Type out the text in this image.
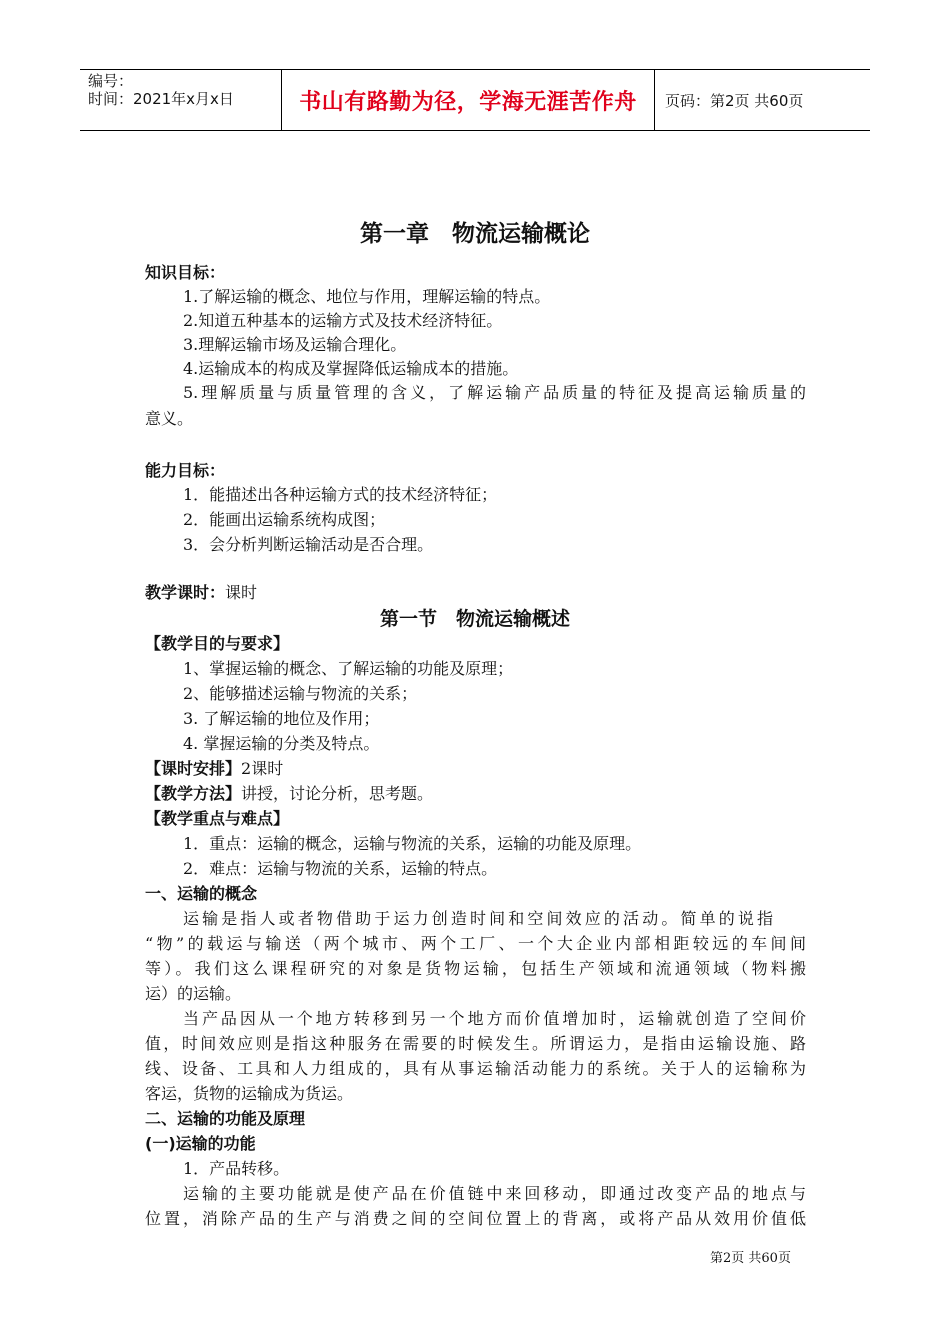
编号：
时间：2021年x月x日	书山有路勤为径，学海无涯苦作舟	页码：第2页 共60页
第一章　物流运输概论
知识目标：
1.了解运输的概念、地位与作用，理解运输的特点。
2.知道五种基本的运输方式及技术经济特征。
3.理解运输市场及运输合理化。
4.运输成本的构成及掌握降低运输成本的措施。
5.理解质量与质量管理的含义，了解运输产品质量的特征及提高运输质量的
意义。
能力目标：
1．能描述出各种运输方式的技术经济特征；
2．能画出运输系统构成图；
3．会分析判断运输活动是否合理。
教学课时：课时
第一节　物流运输概述
【教学目的与要求】
1、掌握运输的概念、了解运输的功能及原理；
2、能够描述运输与物流的关系；
3. 了解运输的地位及作用；
4. 掌握运输的分类及特点。
【课时安排】2课时
【教学方法】讲授，讨论分析，思考题。
【教学重点与难点】
1．重点：运输的概念，运输与物流的关系，运输的功能及原理。
2．难点：运输与物流的关系，运输的特点。
一、运输的概念
运输是指人或者物借助于运力创造时间和空间效应的活动。简单的说指
“物”的载运与输送（两个城市、两个工厂、一个大企业内部相距较远的车间间
等）。我们这么课程研究的对象是货物运输，包括生产领域和流通领域（物料搬
运）的运输。
当产品因从一个地方转移到另一个地方而价值增加时，运输就创造了空间价
值，时间效应则是指这种服务在需要的时候发生。所谓运力，是指由运输设施、路
线、设备、工具和人力组成的，具有从事运输活动能力的系统。关于人的运输称为
客运，货物的运输成为货运。
二、运输的功能及原理
(一)运输的功能
1．产品转移。
运输的主要功能就是使产品在价值链中来回移动，即通过改变产品的地点与
位置，消除产品的生产与消费之间的空间位置上的背离，或将产品从效用价值低
第2页 共60页
